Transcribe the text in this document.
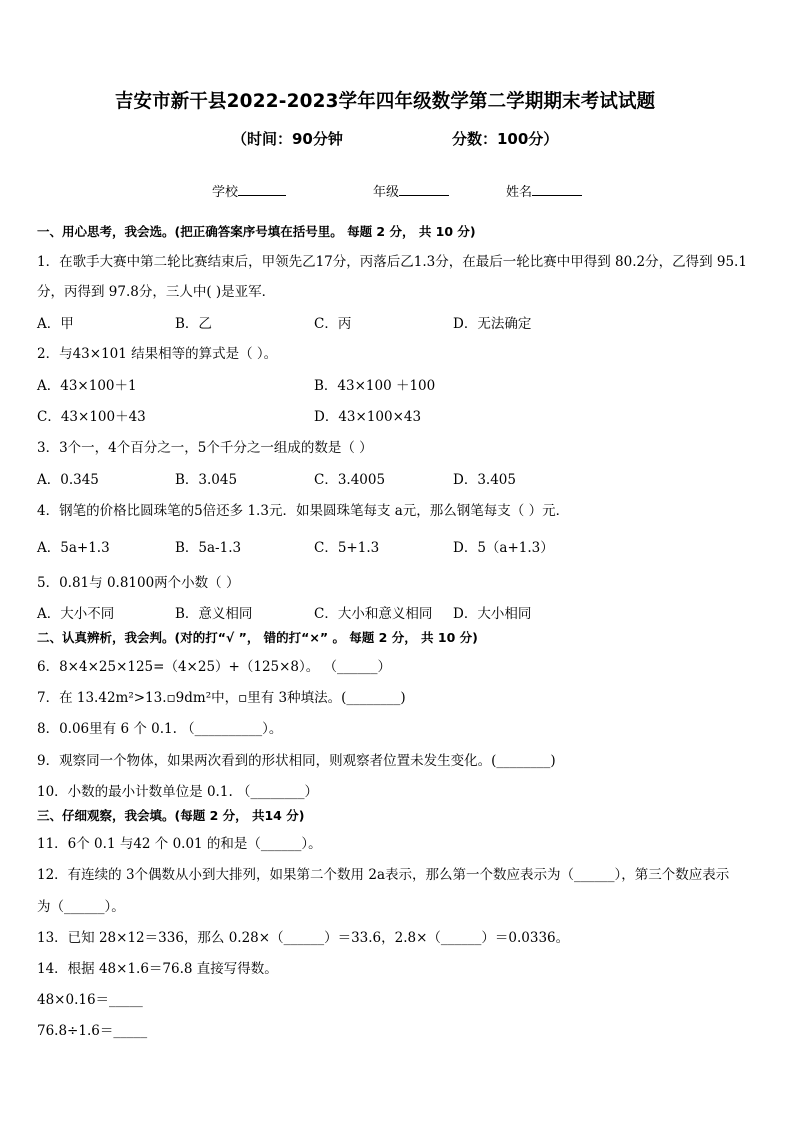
吉安市新干县2022-2023学年四年级数学第二学期期末考试试题
（时间：90分钟	分数：100分）
学校	年级	姓名
一、用心思考，我会选。(把正确答案序号填在括号里。 每题 2 分， 共 10 分)
1．在歌手大赛中第二轮比赛结束后，甲领先乙17分，丙落后乙1.3分，在最后一轮比赛中甲得到 80.2分，乙得到 95.1
分，丙得到 97.8分，三人中( )是亚军．
A．甲	B．乙	C．丙	D．无法确定
2．与43×101 结果相等的算式是（ ）。
A．43×100＋1	B．43×100 ＋100
C．43×100＋43	D．43×100×43
3．3个一，4个百分之一，5个千分之一组成的数是（ ）
A．0.345	B．3.045	C．3.4005	D．3.405
4．钢笔的价格比圆珠笔的5倍还多 1.3元．如果圆珠笔每支 a元，那么钢笔每支（ ）元．
A．5a+1.3	B．5a-1.3	C．5+1.3	D．5（a+1.3）
5．0.81与 0.8100两个小数（ ）
A．大小不同	B．意义相同	C．大小和意义相同 D．大小相同
二、认真辨析，我会判。(对的打“√ ”， 错的打“×” 。 每题 2 分， 共 10 分)
6．8×4×25×125=（4×25）+（125×8）。 （______）
7．在 13.42m²>13.▫9dm²中，▫里有 3种填法。(________)
8．0.06里有 6 个 0.1. （__________）。
9．观察同一个物体，如果两次看到的形状相同，则观察者位置未发生变化。(________)
10．小数的最小计数单位是 0.1. （________）
三、仔细观察，我会填。(每题 2 分， 共14 分)
11．6个 0.1 与42 个 0.01 的和是（______）。
12．有连续的 3个偶数从小到大排列，如果第二个数用 2a表示，那么第一个数应表示为（______），第三个数应表示
为（______）。
13．已知 28×12＝336，那么 0.28×（______）＝33.6，2.8×（______）＝0.0336。
14．根据 48×1.6＝76.8 直接写得数。
48×0.16＝_____
76.8÷1.6＝_____
